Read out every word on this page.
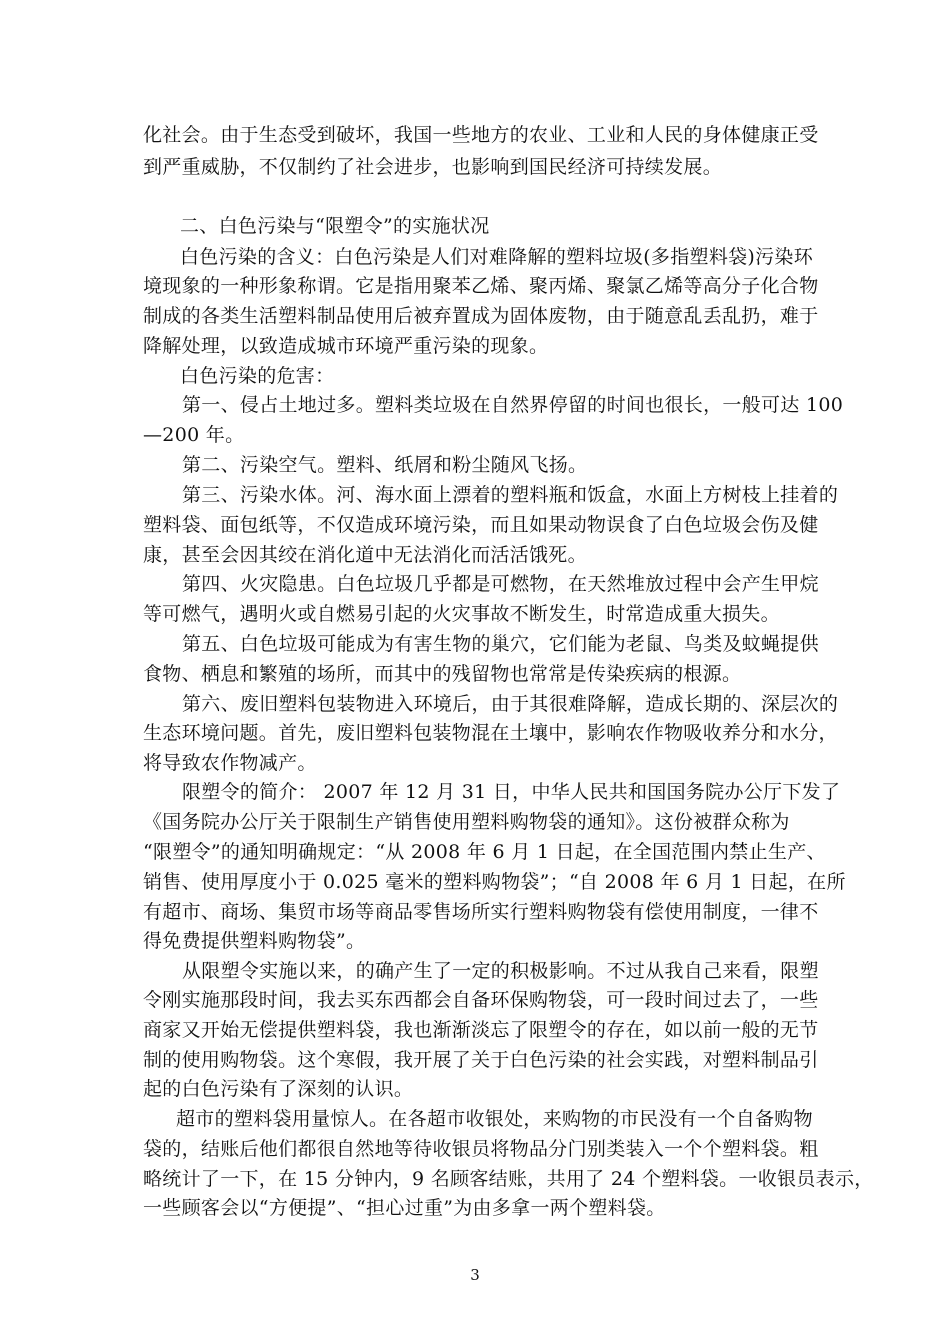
化社会。由于生态受到破坏，我国一些地方的农业、工业和人民的身体健康正受
到严重威胁，不仅制约了社会进步，也影响到国民经济可持续发展。
二、白色污染与“限塑令”的实施状况
白色污染的含义：白色污染是人们对难降解的塑料垃圾(多指塑料袋)污染环
境现象的一种形象称谓。它是指用聚苯乙烯、聚丙烯、聚氯乙烯等高分子化合物
制成的各类生活塑料制品使用后被弃置成为固体废物，由于随意乱丢乱扔，难于
降解处理，以致造成城市环境严重污染的现象。
白色污染的危害：
第一、侵占土地过多。塑料类垃圾在自然界停留的时间也很长，一般可达 100
—200 年。
第二、污染空气。塑料、纸屑和粉尘随风飞扬。
第三、污染水体。河、海水面上漂着的塑料瓶和饭盒，水面上方树枝上挂着的
塑料袋、面包纸等，不仅造成环境污染，而且如果动物误食了白色垃圾会伤及健
康，甚至会因其绞在消化道中无法消化而活活饿死。
第四、火灾隐患。白色垃圾几乎都是可燃物，在天然堆放过程中会产生甲烷
等可燃气，遇明火或自燃易引起的火灾事故不断发生，时常造成重大损失。
第五、白色垃圾可能成为有害生物的巢穴，它们能为老鼠、鸟类及蚊蝇提供
食物、栖息和繁殖的场所，而其中的残留物也常常是传染疾病的根源。
第六、废旧塑料包装物进入环境后，由于其很难降解，造成长期的、深层次的
生态环境问题。首先，废旧塑料包装物混在土壤中，影响农作物吸收养分和水分，
将导致农作物减产。
限塑令的简介： 2007 年 12 月 31 日，中华人民共和国国务院办公厅下发了
《国务院办公厅关于限制生产销售使用塑料购物袋的通知》。这份被群众称为
“限塑令”的通知明确规定：“从 2008 年 6 月 1 日起，在全国范围内禁止生产、
销售、使用厚度小于 0.025 毫米的塑料购物袋”；“自 2008 年 6 月 1 日起，在所
有超市、商场、集贸市场等商品零售场所实行塑料购物袋有偿使用制度，一律不
得免费提供塑料购物袋”。
从限塑令实施以来，的确产生了一定的积极影响。不过从我自己来看，限塑
令刚实施那段时间，我去买东西都会自备环保购物袋，可一段时间过去了，一些
商家又开始无偿提供塑料袋，我也渐渐淡忘了限塑令的存在，如以前一般的无节
制的使用购物袋。这个寒假，我开展了关于白色污染的社会实践，对塑料制品引
起的白色污染有了深刻的认识。
超市的塑料袋用量惊人。在各超市收银处，来购物的市民没有一个自备购物
袋的，结账后他们都很自然地等待收银员将物品分门别类装入一个个塑料袋。粗
略统计了一下，在 15 分钟内，9 名顾客结账，共用了 24 个塑料袋。一收银员表示，
一些顾客会以“方便提”、“担心过重”为由多拿一两个塑料袋。
3
